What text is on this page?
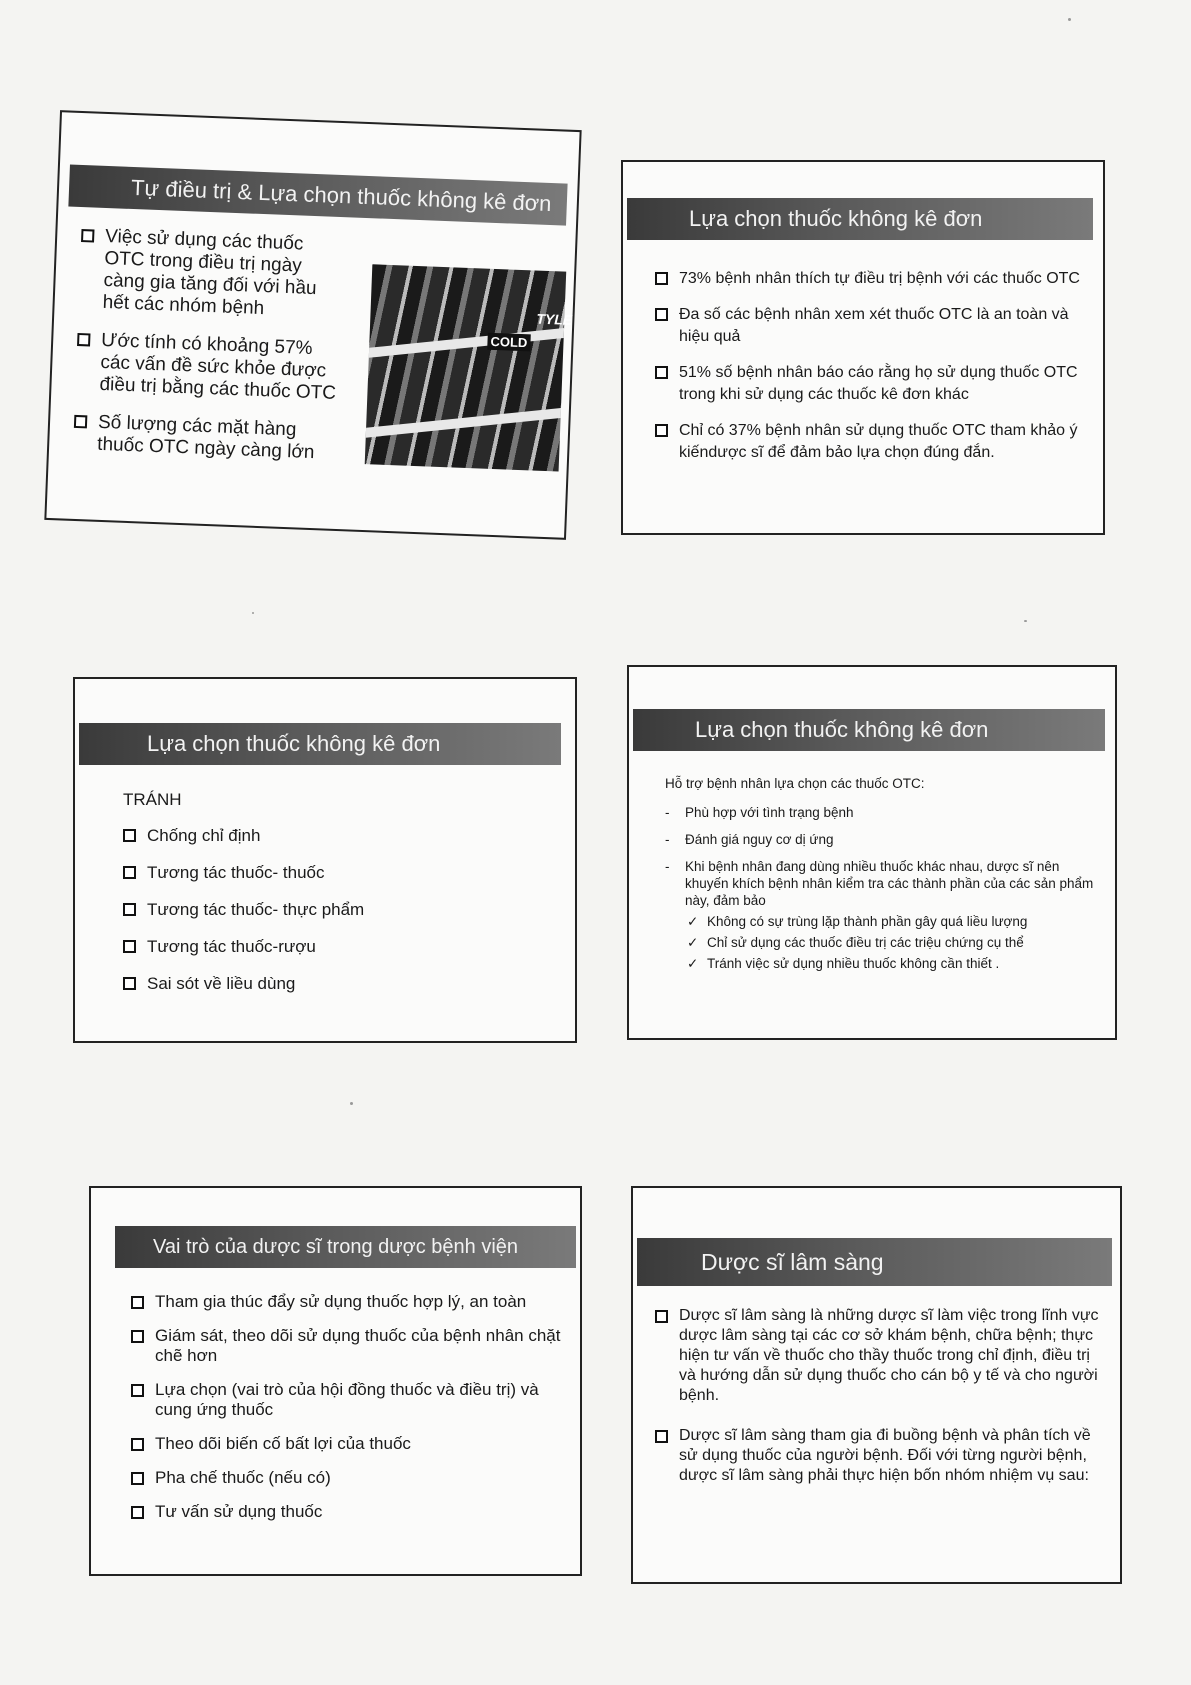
Tự điều trị & Lựa chọn thuốc không kê đơn
Việc sử dụng các thuốc OTC trong điều trị ngày càng gia tăng đối với hầu hết các nhóm bệnh
Ước tính có khoảng 57% các vấn đề sức khỏe được điều trị bằng các thuốc OTC
Số lượng các mặt hàng thuốc OTC ngày càng lớn
COLD
TYLE
Lựa chọn thuốc không kê đơn
73% bệnh nhân thích tự điều trị bệnh với các thuốc OTC
Đa số các bệnh nhân xem xét thuốc OTC là an toàn và hiệu quả
51% số bệnh nhân báo cáo rằng họ sử dụng thuốc OTC trong khi sử dụng các thuốc kê đơn khác
Chỉ có 37% bệnh nhân sử dụng thuốc OTC tham khảo ý kiếndược sĩ để đảm bảo lựa chọn đúng đắn.
Lựa chọn thuốc không kê đơn
TRÁNH
Chống chỉ định
Tương tác thuốc- thuốc
Tương tác thuốc- thực phẩm
Tương tác thuốc-rượu
Sai sót về liều dùng
Lựa chọn thuốc không kê đơn
Hỗ trợ bệnh nhân lựa chọn các thuốc OTC:
- Phù hợp với tình trạng bệnh
- Đánh giá nguy cơ dị ứng
- Khi bệnh nhân đang dùng nhiều thuốc khác nhau, dược sĩ nên khuyến khích bệnh nhân kiểm tra các thành phần của các sản phẩm này, đảm bảo
✓ Không có sự trùng lặp thành phần gây quá liều lượng
✓ Chỉ sử dụng các thuốc điều trị các triệu chứng cụ thể
✓ Tránh việc sử dụng nhiều thuốc không cần thiết .
Vai trò của dược sĩ trong dược bệnh viện
Tham gia thúc đẩy sử dụng thuốc hợp lý, an toàn
Giám sát, theo dõi sử dụng thuốc của bệnh nhân chặt chẽ hơn
Lựa chọn (vai trò của hội đồng thuốc và điều trị) và cung ứng thuốc
Theo dõi biến cố bất lợi của thuốc
Pha chế thuốc (nếu có)
Tư vấn sử dụng thuốc
Dược sĩ lâm sàng
Dược sĩ lâm sàng là những dược sĩ làm việc trong lĩnh vực dược lâm sàng tại các cơ sở khám bệnh, chữa bệnh; thực hiện tư vấn về thuốc cho thầy thuốc trong chỉ định, điều trị và hướng dẫn sử dụng thuốc cho cán bộ y tế và cho người bệnh.
Dược sĩ lâm sàng tham gia đi buồng bệnh và phân tích về sử dụng thuốc của người bệnh. Đối với từng người bệnh, dược sĩ lâm sàng phải thực hiện bốn nhóm nhiệm vụ sau:
